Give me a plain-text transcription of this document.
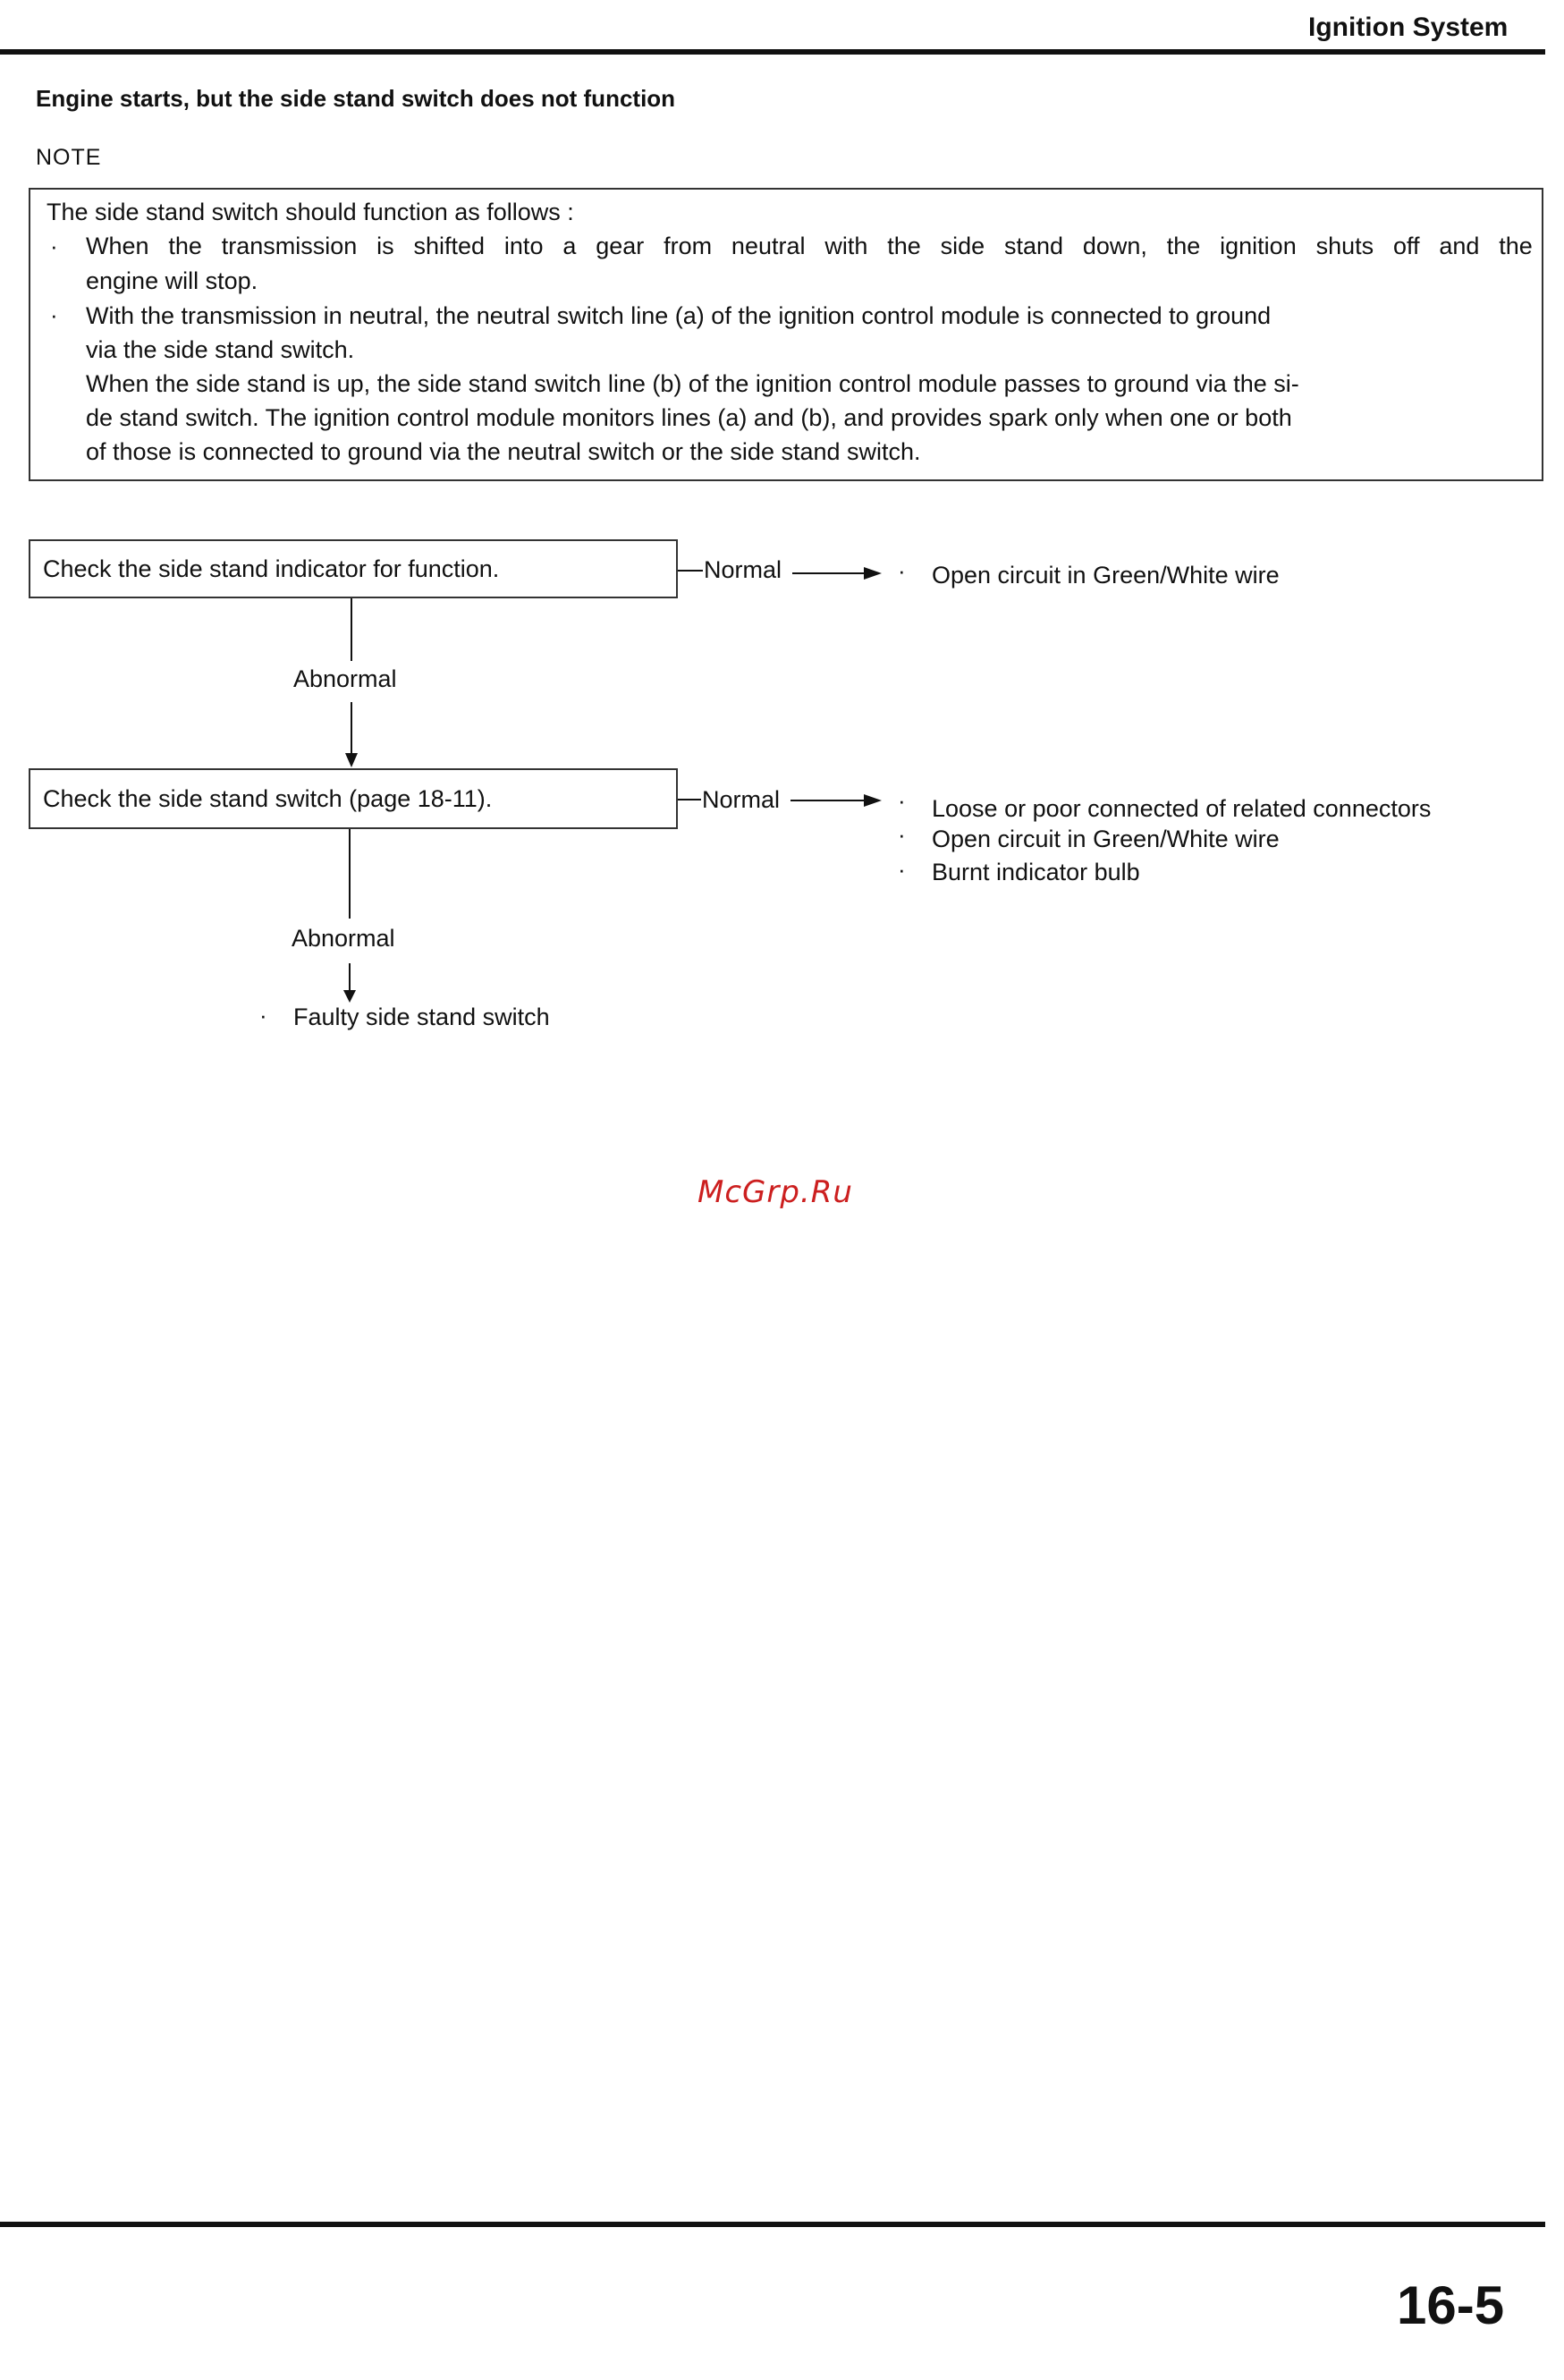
Ignition System
Engine starts, but the side stand switch does not function
NOTE
The side stand switch should function as follows :
· When the transmission is shifted into a gear from neutral with the side stand down, the ignition shuts off and the
engine will stop.
· With the transmission in neutral, the neutral switch line (a) of the ignition control module is connected to ground
via the side stand switch.
When the side stand is up, the side stand switch line (b) of the ignition control module passes to ground via the si-
de stand switch. The ignition control module monitors lines (a) and (b), and provides spark only when one or both
of those is connected to ground via the neutral switch or the side stand switch.
Check the side stand indicator for function.	Normal	· Open circuit in Green/White wire
Abnormal
Check the side stand switch (page 18-11).	Normal	· Loose or poor connected of related connectors
· Open circuit in Green/White wire
· Burnt indicator bulb
Abnormal
· Faulty side stand switch
McGrp.Ru
16-5
